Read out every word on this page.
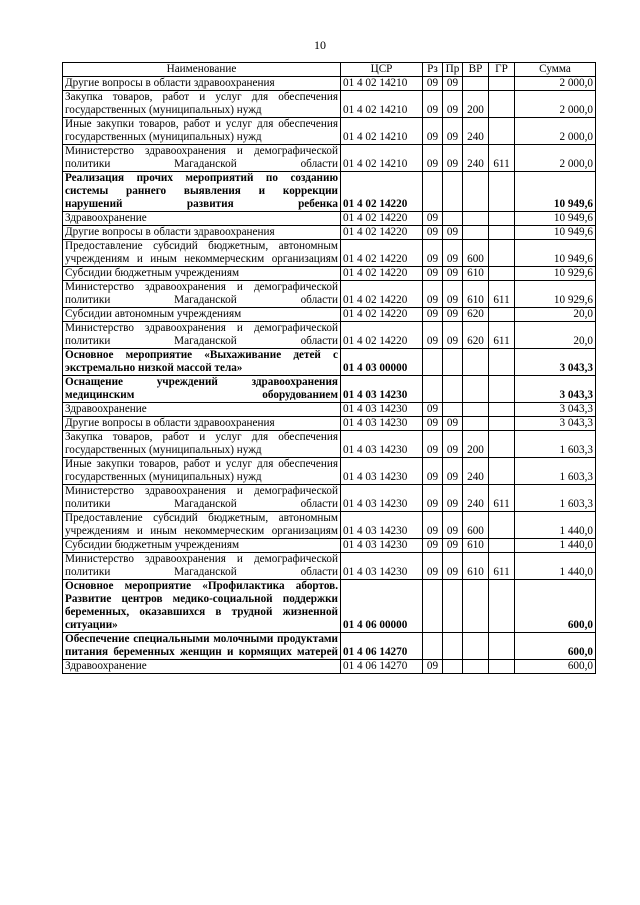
10
Наименование	ЦСР	Рз	Пр	ВР	ГР	Сумма
Другие вопросы в области здравоохранения	01 4 02 14210	09	09			2 000,0
Закупка товаров, работ и услуг для обеспечения государственных (муниципальных) нужд	01 4 02 14210	09	09	200		2 000,0
Иные закупки товаров, работ и услуг для обеспечения государственных (муниципальных) нужд	01 4 02 14210	09	09	240		2 000,0
Министерство здравоохранения и демографической политики Магаданской области	01 4 02 14210	09	09	240	611	2 000,0
Реализация прочих мероприятий по созданию системы раннего выявления и коррекции нарушений развития ребенка	01 4 02 14220					10 949,6
Здравоохранение	01 4 02 14220	09				10 949,6
Другие вопросы в области здравоохранения	01 4 02 14220	09	09			10 949,6
Предоставление субсидий бюджетным, автономным учреждениям и иным некоммерческим организациям	01 4 02 14220	09	09	600		10 949,6
Субсидии бюджетным учреждениям	01 4 02 14220	09	09	610		10 929,6
Министерство здравоохранения и демографической политики Магаданской области	01 4 02 14220	09	09	610	611	10 929,6
Субсидии автономным учреждениям	01 4 02 14220	09	09	620		20,0
Министерство здравоохранения и демографической политики Магаданской области	01 4 02 14220	09	09	620	611	20,0
Основное мероприятие «Выхаживание детей с экстремально низкой массой тела»	01 4 03 00000					3 043,3
Оснащение учреждений здравоохранения медицинским оборудованием	01 4 03 14230					3 043,3
Здравоохранение	01 4 03 14230	09				3 043,3
Другие вопросы в области здравоохранения	01 4 03 14230	09	09			3 043,3
Закупка товаров, работ и услуг для обеспечения государственных (муниципальных) нужд	01 4 03 14230	09	09	200		1 603,3
Иные закупки товаров, работ и услуг для обеспечения государственных (муниципальных) нужд	01 4 03 14230	09	09	240		1 603,3
Министерство здравоохранения и демографической политики Магаданской области	01 4 03 14230	09	09	240	611	1 603,3
Предоставление субсидий бюджетным, автономным учреждениям и иным некоммерческим организациям	01 4 03 14230	09	09	600		1 440,0
Субсидии бюджетным учреждениям	01 4 03 14230	09	09	610		1 440,0
Министерство здравоохранения и демографической политики Магаданской области	01 4 03 14230	09	09	610	611	1 440,0
Основное мероприятие «Профилактика абортов. Развитие центров медико-социальной поддержки беременных, оказавшихся в трудной жизненной ситуации»	01 4 06 00000					600,0
Обеспечение специальными молочными продуктами питания беременных женщин и кормящих матерей	01 4 06 14270					600,0
Здравоохранение	01 4 06 14270	09				600,0
